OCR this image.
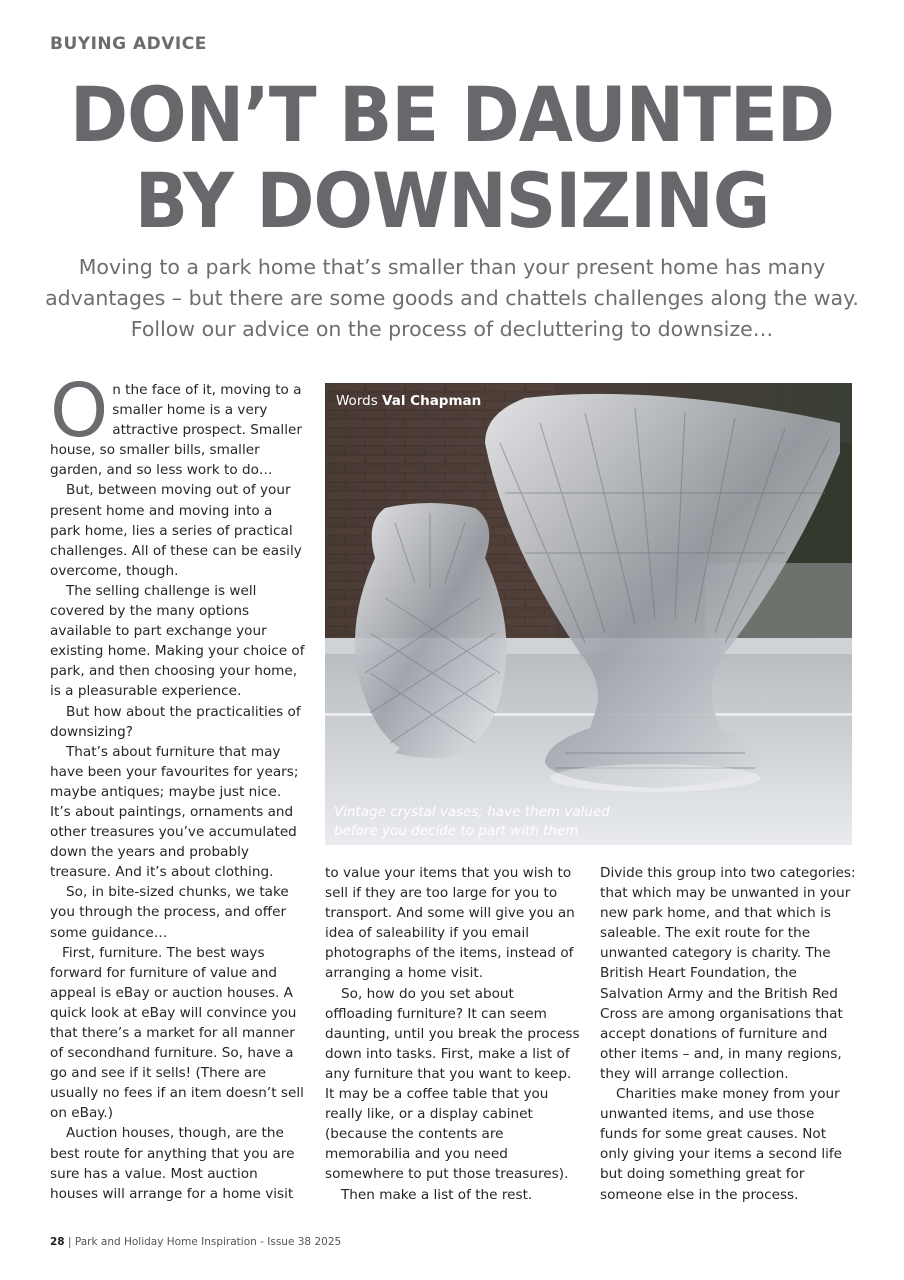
BUYING ADVICE
DON’T BE DAUNTED
BY DOWNSIZING
Moving to a park home that’s smaller than your present home has many
advantages – but there are some goods and chattels challenges along the way.
Follow our advice on the process of decluttering to downsize…

On the face of it, moving to a smaller home is a very attractive prospect. Smaller house, so smaller bills, smaller garden, and so less work to do…

But, between moving out of your present home and moving into a park home, lies a series of practical challenges. All of these can be easily overcome, though.

The selling challenge is well covered by the many options available to part exchange your existing home. Making your choice of park, and then choosing your home, is a pleasurable experience.

But how about the practicalities of downsizing?

That’s about furniture that may have been your favourites for years; maybe antiques; maybe just nice. It’s about paintings, ornaments and other treasures you’ve accumulated down the years and probably treasure. And it’s about clothing.

So, in bite-sized chunks, we take you through the process, and offer some guidance…

First, furniture. The best ways forward for furniture of value and appeal is eBay or auction houses. A quick look at eBay will convince you that there’s a market for all manner of secondhand furniture. So, have a go and see if it sells! (There are usually no fees if an item doesn’t sell on eBay.)

Auction houses, though, are the best route for anything that you are sure has a value. Most auction houses will arrange for a home visit

Words Val Chapman
Vintage crystal vases; have them valued
before you decide to part with them

to value your items that you wish to sell if they are too large for you to transport. And some will give you an idea of saleability if you email photographs of the items, instead of arranging a home visit.

So, how do you set about offloading furniture? It can seem daunting, until you break the process down into tasks. First, make a list of any furniture that you want to keep. It may be a coffee table that you really like, or a display cabinet (because the contents are memorabilia and you need somewhere to put those treasures).

Then make a list of the rest.

Divide this group into two categories: that which may be unwanted in your new park home, and that which is saleable. The exit route for the unwanted category is charity. The British Heart Foundation, the Salvation Army and the British Red Cross are among organisations that accept donations of furniture and other items – and, in many regions, they will arrange collection.

Charities make money from your unwanted items, and use those funds for some great causes. Not only giving your items a second life but doing something great for someone else in the process.

28 | Park and Holiday Home Inspiration - Issue 38 2025
